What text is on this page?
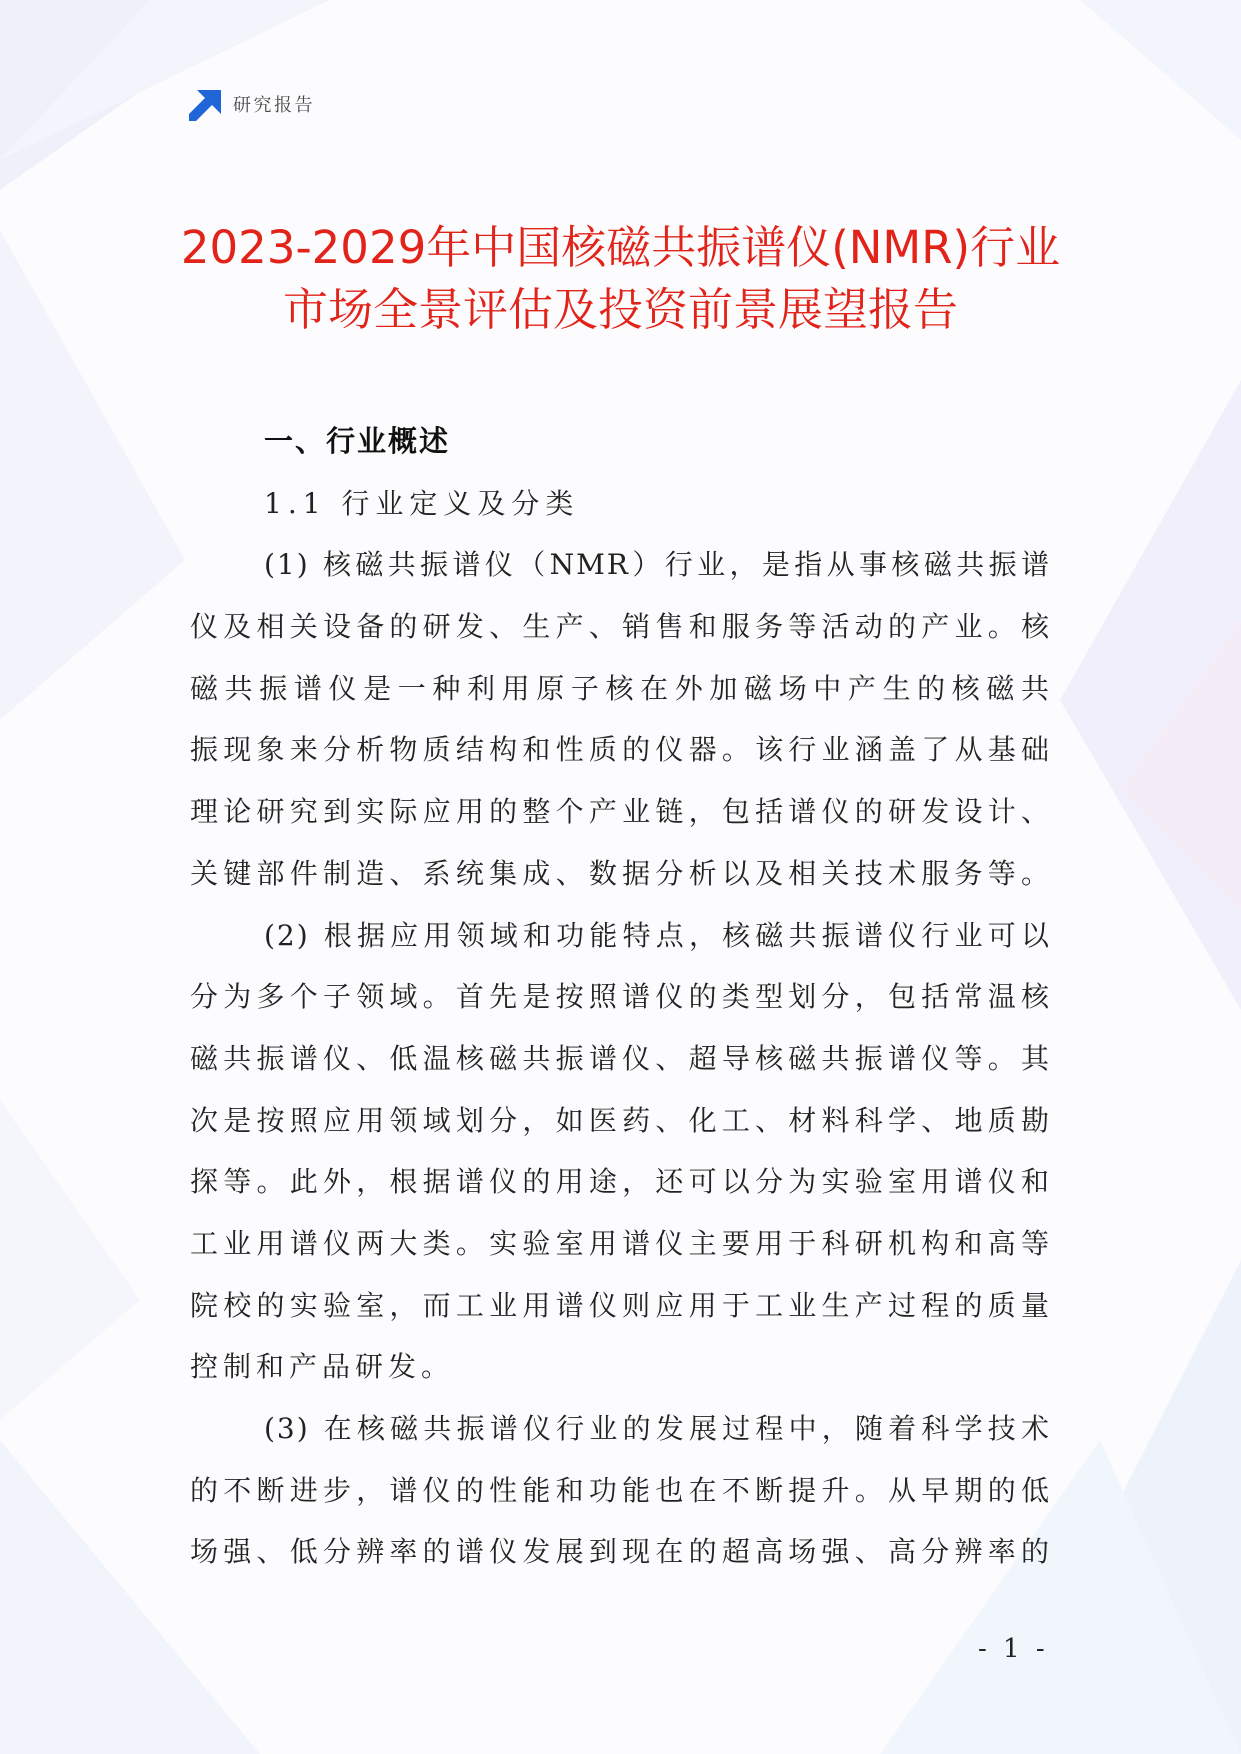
研究报告
2023-2029年中国核磁共振谱仪(NMR)行业
市场全景评估及投资前景展望报告
一、行业概述
1.1 行业定义及分类
(1) 核磁共振谱仪（NMR）行业，是指从事核磁共振谱
仪及相关设备的研发、生产、销售和服务等活动的产业。核
磁共振谱仪是一种利用原子核在外加磁场中产生的核磁共
振现象来分析物质结构和性质的仪器。该行业涵盖了从基础
理论研究到实际应用的整个产业链，包括谱仪的研发设计、
关键部件制造、系统集成、数据分析以及相关技术服务等。
(2) 根据应用领域和功能特点，核磁共振谱仪行业可以
分为多个子领域。首先是按照谱仪的类型划分，包括常温核
磁共振谱仪、低温核磁共振谱仪、超导核磁共振谱仪等。其
次是按照应用领域划分，如医药、化工、材料科学、地质勘
探等。此外，根据谱仪的用途，还可以分为实验室用谱仪和
工业用谱仪两大类。实验室用谱仪主要用于科研机构和高等
院校的实验室，而工业用谱仪则应用于工业生产过程的质量
控制和产品研发。
(3) 在核磁共振谱仪行业的发展过程中，随着科学技术
的不断进步，谱仪的性能和功能也在不断提升。从早期的低
场强、低分辨率的谱仪发展到现在的超高场强、高分辨率的
- 1 -
